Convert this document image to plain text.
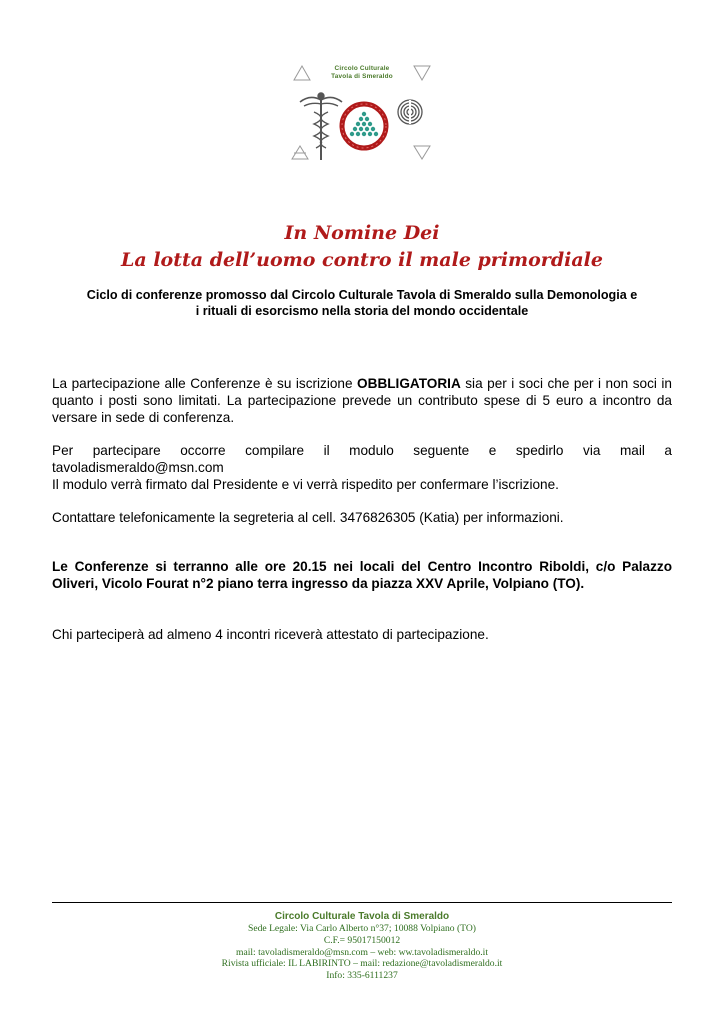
Circolo Culturale
Tavola di Smeraldo
In Nomine Dei
La lotta dell’uomo contro il male primordiale
Ciclo di conferenze promosso dal Circolo Culturale Tavola di Smeraldo sulla Demonologia e
i rituali di esorcismo nella storia del mondo occidentale
La partecipazione alle Conferenze è su iscrizione OBBLIGATORIA sia per i soci che per i non soci in quanto i posti sono limitati. La partecipazione prevede un contributo spese di 5 euro a incontro da versare in sede di conferenza.
Per partecipare occorre compilare il modulo seguente e spedirlo via mail a
tavoladismeraldo@msn.com
Il modulo verrà firmato dal Presidente e vi verrà rispedito per confermare l’iscrizione.
Contattare telefonicamente la segreteria al cell. 3476826305 (Katia) per informazioni.
Le Conferenze si terranno alle ore 20.15 nei locali del Centro Incontro Riboldi, c/o Palazzo Oliveri, Vicolo Fourat n°2 piano terra ingresso da piazza XXV Aprile, Volpiano (TO).
Chi parteciperà ad almeno 4 incontri riceverà attestato di partecipazione.
Circolo Culturale Tavola di Smeraldo
Sede Legale: Via Carlo Alberto n°37; 10088 Volpiano (TO)
C.F.= 95017150012
mail: tavoladismeraldo@msn.com – web: ww.tavoladismeraldo.it
Rivista ufficiale: IL LABIRINTO – mail: redazione@tavoladismeraldo.it
Info: 335-6111237
